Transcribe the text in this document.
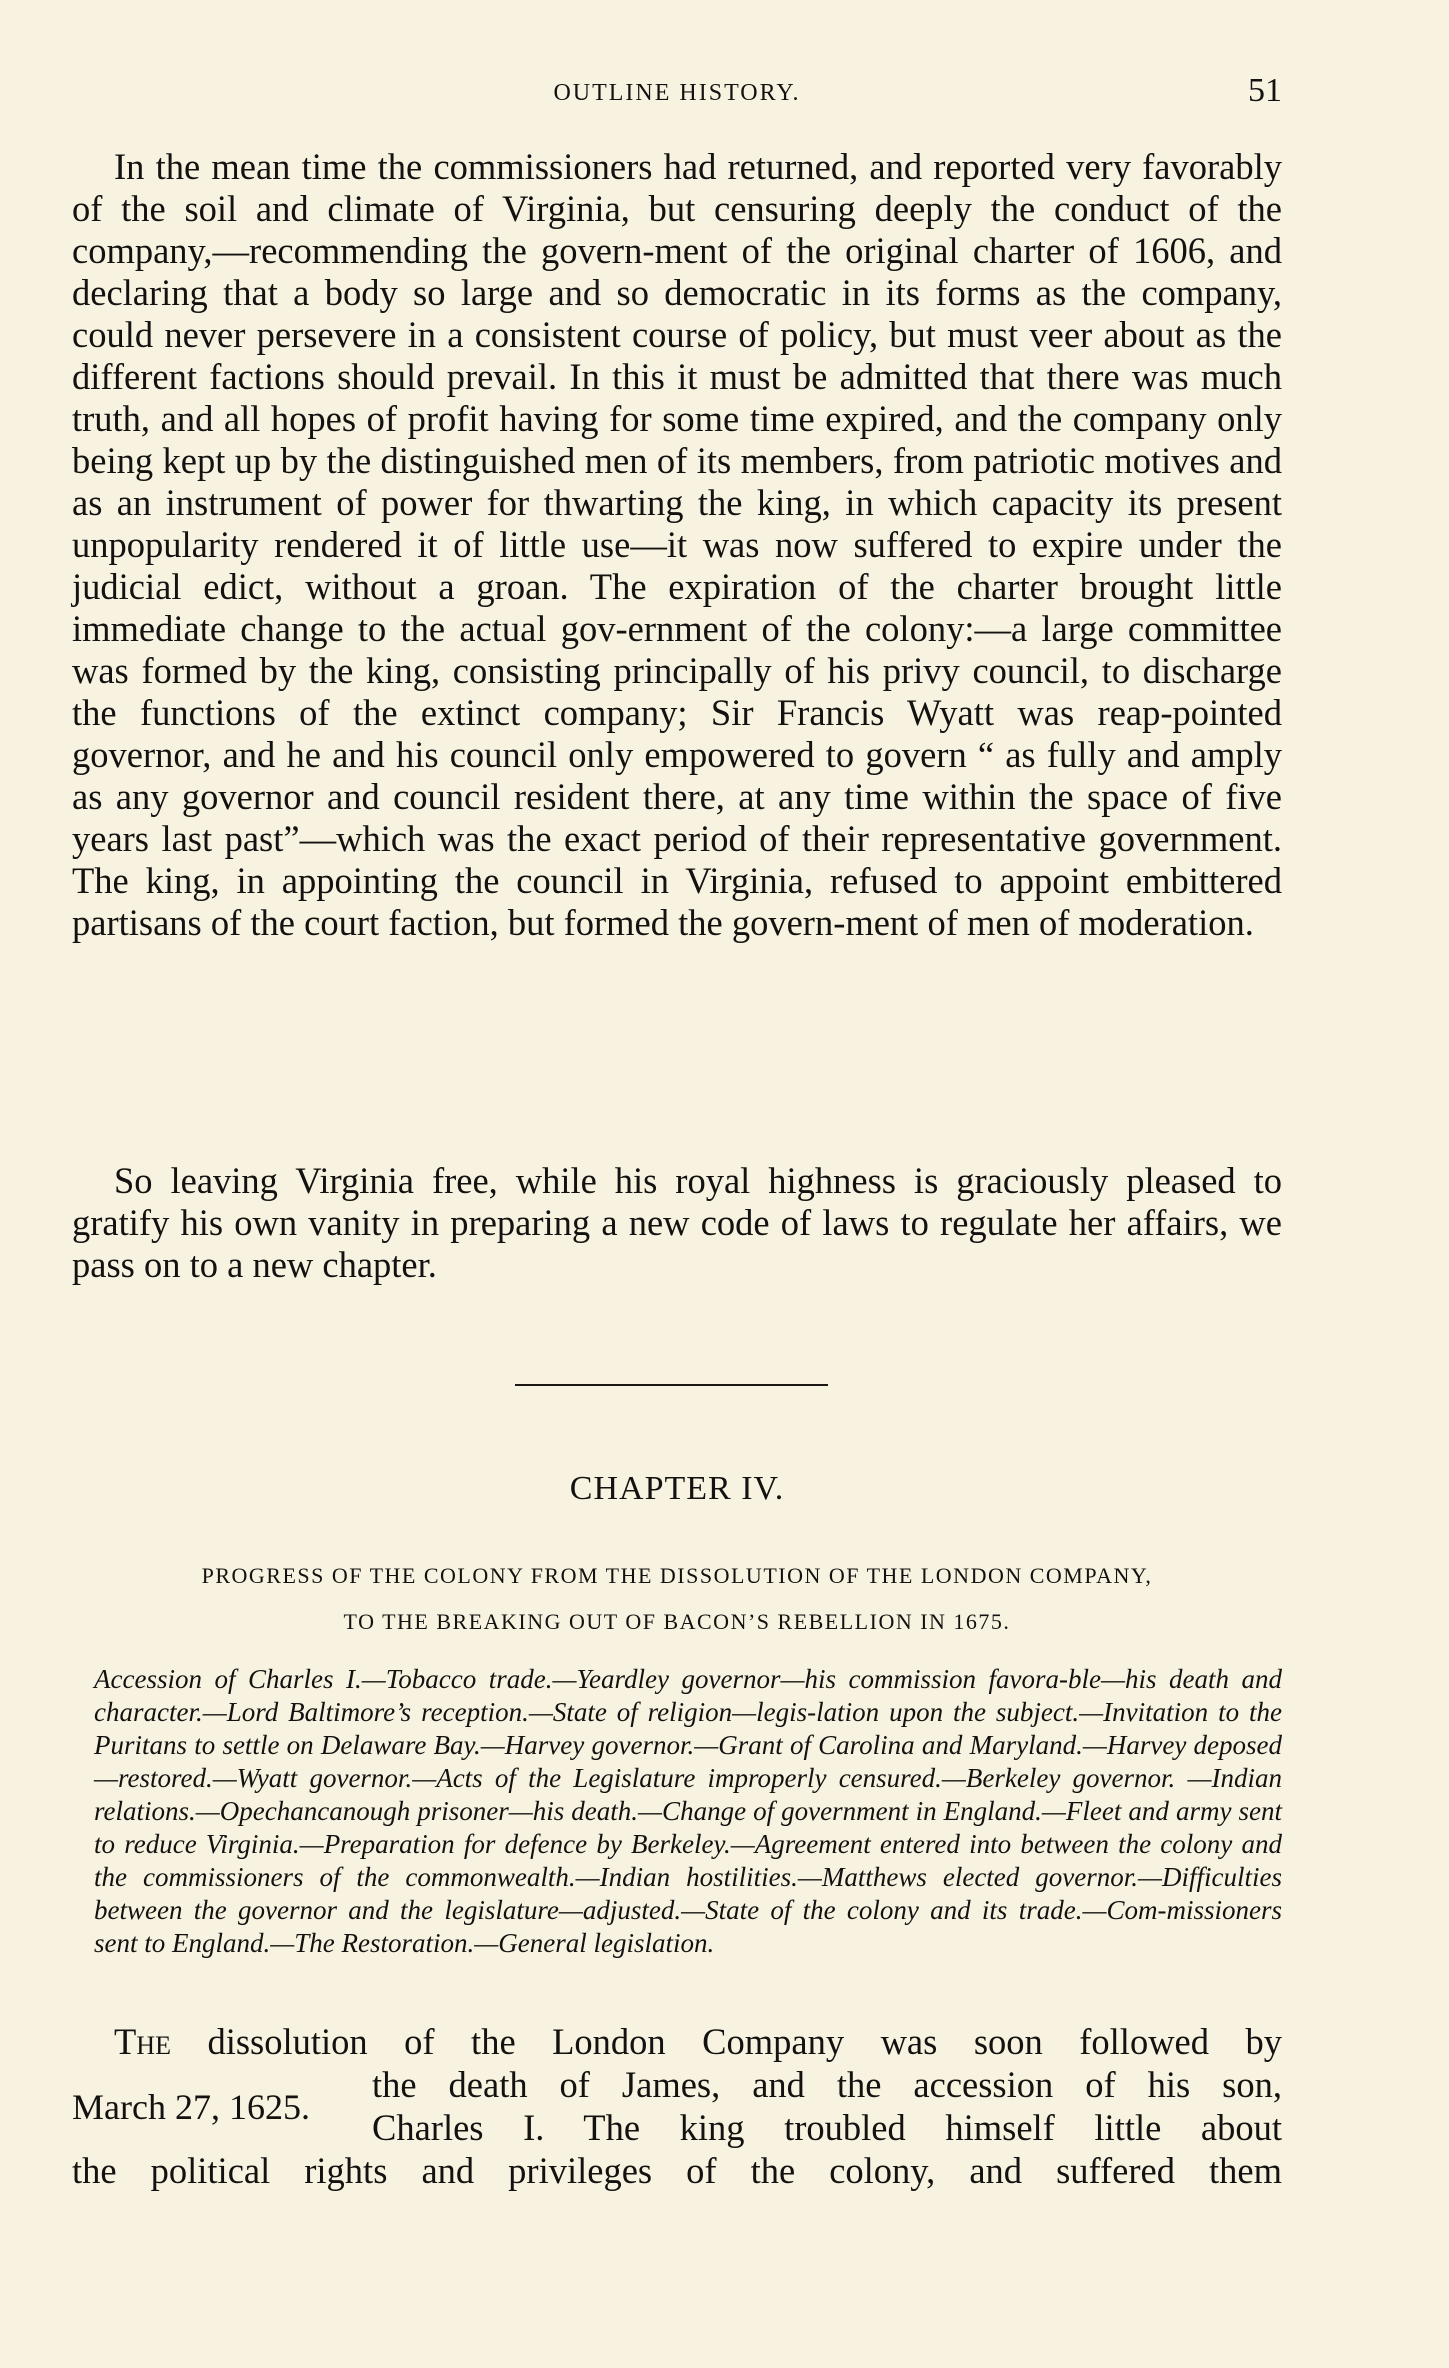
OUTLINE HISTORY.	51

In the mean time the commissioners had returned, and reported very favorably of the soil and climate of Virginia, but censuring deeply the conduct of the company,—recommending the govern-ment of the original charter of 1606, and declaring that a body so large and so democratic in its forms as the company, could never persevere in a consistent course of policy, but must veer about as the different factions should prevail. In this it must be admitted that there was much truth, and all hopes of profit having for some time expired, and the company only being kept up by the distinguished men of its members, from patriotic motives and as an instrument of power for thwarting the king, in which capacity its present unpopularity rendered it of little use—it was now suffered to expire under the judicial edict, without a groan. The expiration of the charter brought little immediate change to the actual gov-ernment of the colony:—a large committee was formed by the king, consisting principally of his privy council, to discharge the functions of the extinct company; Sir Francis Wyatt was reap-pointed governor, and he and his council only empowered to govern “ as fully and amply as any governor and council resident there, at any time within the space of five years last past”—which was the exact period of their representative government. The king, in appointing the council in Virginia, refused to appoint embittered partisans of the court faction, but formed the govern-ment of men of moderation.

So leaving Virginia free, while his royal highness is graciously pleased to gratify his own vanity in preparing a new code of laws to regulate her affairs, we pass on to a new chapter.

CHAPTER IV.
PROGRESS OF THE COLONY FROM THE DISSOLUTION OF THE LONDON COMPANY,
TO THE BREAKING OUT OF BACON’S REBELLION IN 1675.
Accession of Charles I.—Tobacco trade.—Yeardley governor—his commission favora-ble—his death and character.—Lord Baltimore’s reception.—State of religion—legis-lation upon the subject.—Invitation to the Puritans to settle on Delaware Bay.—Harvey governor.—Grant of Carolina and Maryland.—Harvey deposed—restored.—Wyatt governor.—Acts of the Legislature improperly censured.—Berkeley governor. —Indian relations.—Opechancanough prisoner—his death.—Change of government in England.—Fleet and army sent to reduce Virginia.—Preparation for defence by Berkeley.—Agreement entered into between the colony and the commissioners of the commonwealth.—Indian hostilities.—Matthews elected governor.—Difficulties between the governor and the legislature—adjusted.—State of the colony and its trade.—Com-missioners sent to England.—The Restoration.—General legislation.
The dissolution of the London Company was soon followed by
March 27, 1625.
the death of James, and the accession of his son,
Charles I. The king troubled himself little about
the political rights and privileges of the colony, and suffered them
